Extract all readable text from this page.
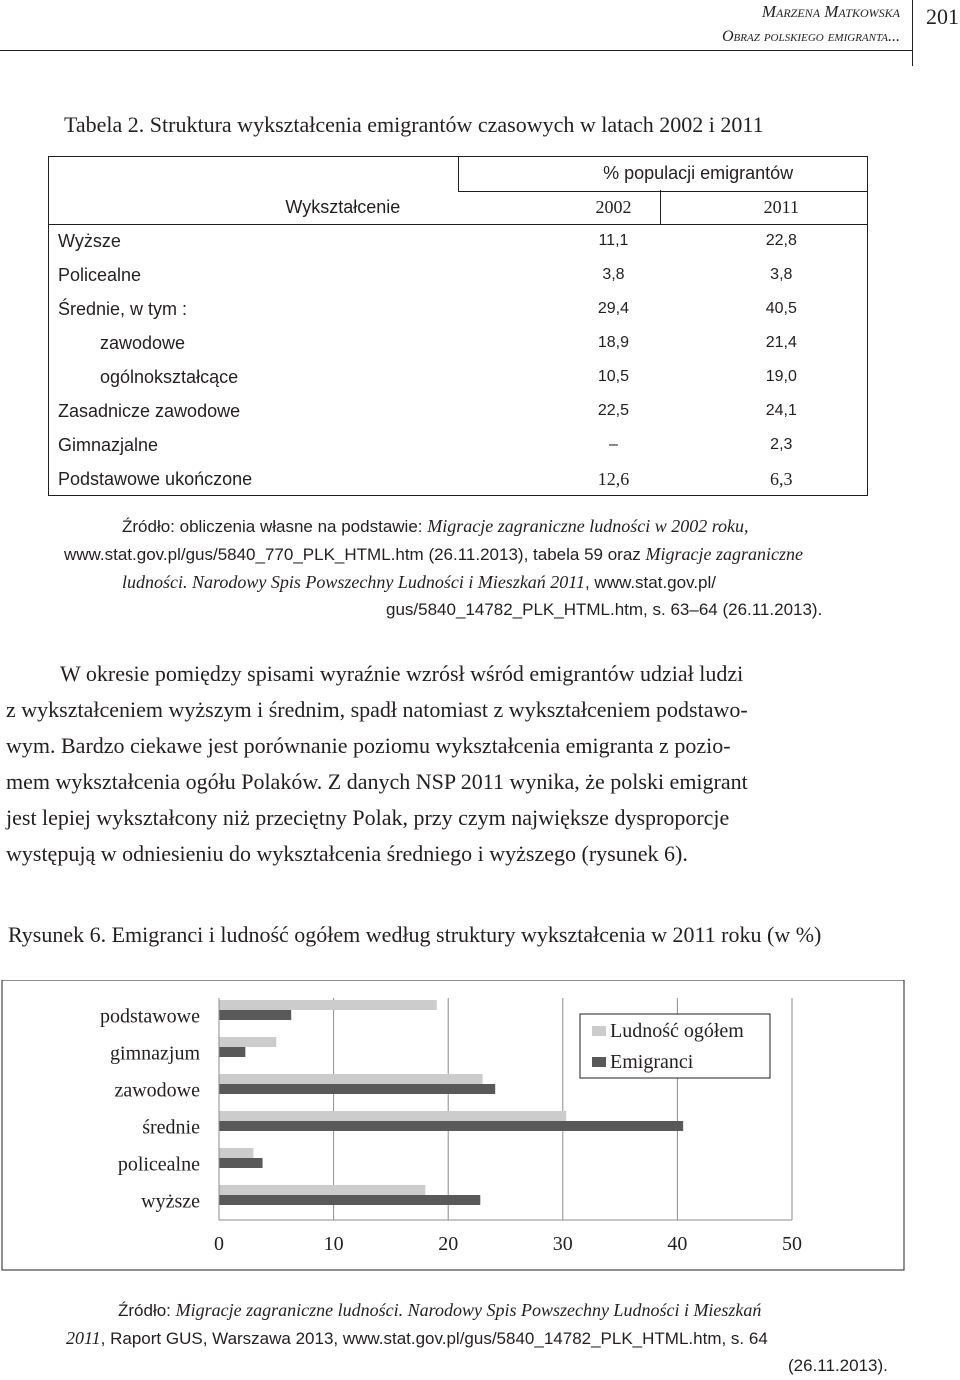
Marzena Matkowska
Obraz polskiego emigranta...
201
Tabela 2. Struktura wykształcenia emigrantów czasowych w latach 2002 i 2011
	% populacji emigrantów	
Wykształcenie	2002	2011
Wyższe	11,1	22,8
Policealne	3,8	3,8
Średnie, w tym :	29,4	40,5
zawodowe	18,9	21,4
ogólnokształcące	10,5	19,0
Zasadnicze zawodowe	22,5	24,1
Gimnazjalne	–	2,3
Podstawowe ukończone	12,6	6,3
Źródło: obliczenia własne na podstawie: Migracje zagraniczne ludności w 2002 roku,
www.stat.gov.pl/gus/5840_770_PLK_HTML.htm (26.11.2013), tabela 59 oraz Migracje zagraniczne
ludności. Narodowy Spis Powszechny Ludności i Mieszkań 2011, www.stat.gov.pl/
gus/5840_14782_PLK_HTML.htm, s. 63–64 (26.11.2013).
W okresie pomiędzy spisami wyraźnie wzrósł wśród emigrantów udział ludzi
z wykształceniem wyższym i średnim, spadł natomiast z wykształceniem podstawo-
wym. Bardzo ciekawe jest porównanie poziomu wykształcenia emigranta z pozio-
mem wykształcenia ogółu Polaków. Z danych NSP 2011 wynika, że polski emigrant
jest lepiej wykształcony niż przeciętny Polak, przy czym największe dysproporcje
występują w odniesieniu do wykształcenia średniego i wyższego (rysunek 6).
Rysunek 6. Emigranci i ludność ogółem według struktury wykształcenia w 2011 roku (w %)
podstawowe
gimnazjum
zawodowe
średnie
policealne
wyższe
0	10	20	30	40	50
Ludność ogółem
Emigranci
Źródło: Migracje zagraniczne ludności. Narodowy Spis Powszechny Ludności i Mieszkań
2011, Raport GUS, Warszawa 2013, www.stat.gov.pl/gus/5840_14782_PLK_HTML.htm, s. 64
(26.11.2013).
